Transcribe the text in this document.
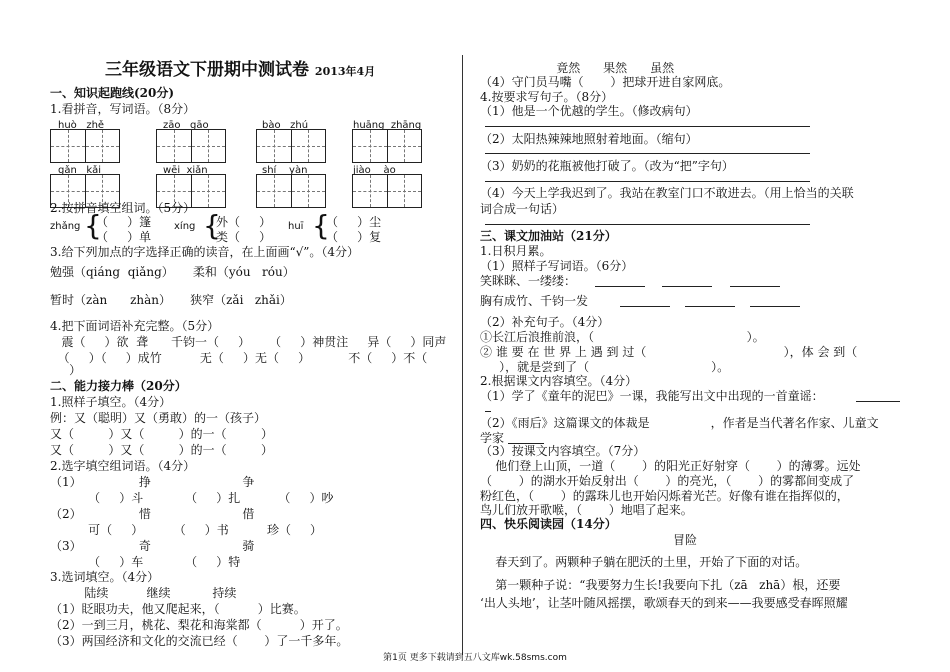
三年级语文下册期中测试卷 2013年4月
一、知识起跑线(20分)
1.看拼音，写词语。（8分）
huò   zhě	zāo   gāo	bào   zhú	huāng  zhāng
gǎn   kǎi	wēi  xiǎn	shí    yàn	jiào    ào
2.按拼音填空组词。（5分）
zhǎng {
（     ）篷
（     ）单
xíng {
外（     ）
类（     ）
huī {
（     ）尘
（     ）复
3.给下列加点的字选择正确的读音，在上面画“√”。（4分）
勉强（qiáng  qiǎng）     柔和（yóu   róu）
暂时（zàn      zhàn）     狭窄（zǎi   zhǎi）
4.把下面词语补充完整。（5分）
震（     ）欲  聋      千钧一（     ）     （     ）神贯注     异（     ）同声
（     ）（     ）成竹          无（     ）无（     ）          不（     ）不（
）
二、能力接力棒（20分）
1.照样子填空。（4分）
例：又（聪明）又（勇敢）的一（孩子）
又（         ）又（         ）的一（         ）
又（         ）又（         ）的一（         ）
2.选字填空组词语。（4分）
（1）               挣                        争
（     ）斗           （     ）扎          （     ）吵
（2）               惜                        借
可（     ）        （     ）书          珍（     ）
（3）               奇                        骑
（     ）车           （     ）特
3.选词填空。（4分）
陆续          继续           持续
（1）眨眼功夫，他又爬起来，（          ）比赛。
（2）一到三月，桃花、梨花和海棠都（          ）开了。
（3）两国经济和文化的交流已经（       ）了一千多年。
竟然      果然      虽然
（4）守门员马嘴（       ）把球开进自家网底。
4.按要求写句子。（8分）
（1）他是一个优越的学生。（修改病句）
（2）太阳热辣辣地照射着地面。（缩句）
（3）奶奶的花瓶被他打破了。（改为“把”字句）
（4）今天上学我迟到了。我站在教室门口不敢进去。（用上恰当的关联
词合成一句话）
三、课文加油站（21分）
1.日积月累。
（1）照样子写词语。（6分）
笑眯眯、一缕缕：
胸有成竹、千钧一发
（2）补充句子。（4分）
①长江后浪推前浪，（                                        ）。
② 谁 要 在 世 界 上 遇 到 过（                                    ），体 会 到（
），就是尝到了（                                ）。
2.根据课文内容填空。（4分）
（1）学了《童年的泥巴》一课，我能写出文中出现的一首童谣：
（2）《雨后》这篇课文的体裁是                ，作者是当代著名作家、儿童文
学家
（3）按课文内容填空。（7分）
他们登上山顶，一道（       ）的阳光正好射穿（       ）的薄雾。远处
（       ）的湖水开始反射出（       ）的亮光，（       ）的雾都间变成了
粉红色，（       ）的露珠儿也开始闪烁着光芒。好像有谁在指挥似的，
鸟儿们放开歌喉，（       ）地唱了起来。
四、快乐阅读园（14分）
冒险
春天到了。两颗种子躺在肥沃的土里，开始了下面的对话。
第一颗种子说：“我要努力生长!我要向下扎（zā   zhā）根，还要
‘出人头地’，让茎叶随风摇摆，歌颂春天的到来——我要感受春晖照耀
第1页 更多下载请到五八文库wk.58sms.com
